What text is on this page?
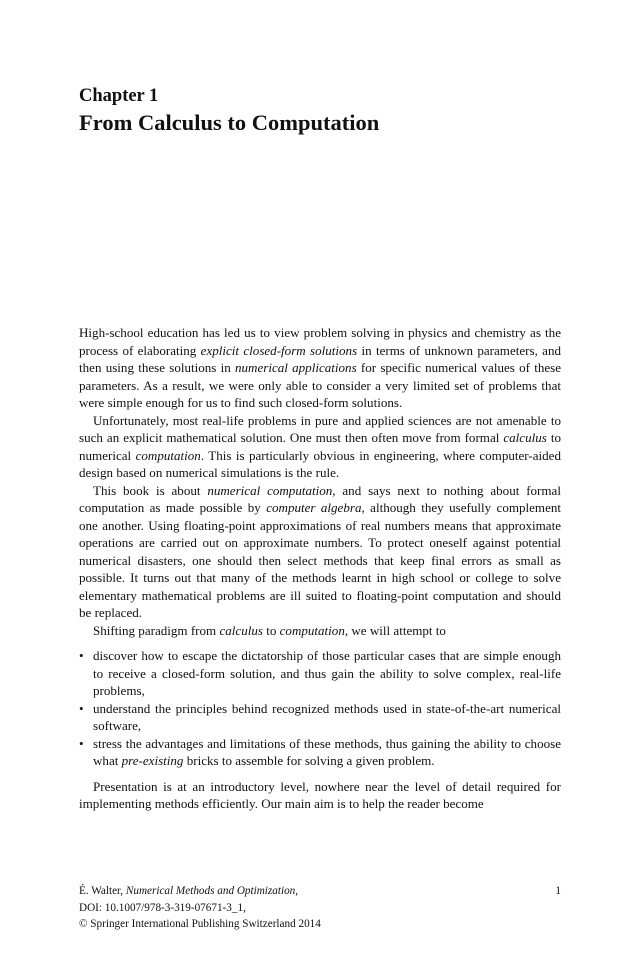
Chapter 1
From Calculus to Computation

High-school education has led us to view problem solving in physics and chemistry as the process of elaborating explicit closed-form solutions in terms of unknown parameters, and then using these solutions in numerical applications for specific numerical values of these parameters. As a result, we were only able to consider a very limited set of problems that were simple enough for us to find such closed-form solutions.

Unfortunately, most real-life problems in pure and applied sciences are not amenable to such an explicit mathematical solution. One must then often move from formal calculus to numerical computation. This is particularly obvious in engineering, where computer-aided design based on numerical simulations is the rule.

This book is about numerical computation, and says next to nothing about formal computation as made possible by computer algebra, although they usefully complement one another. Using floating-point approximations of real numbers means that approximate operations are carried out on approximate numbers. To protect oneself against potential numerical disasters, one should then select methods that keep final errors as small as possible. It turns out that many of the methods learnt in high school or college to solve elementary mathematical problems are ill suited to floating-point computation and should be replaced.

Shifting paradigm from calculus to computation, we will attempt to

• discover how to escape the dictatorship of those particular cases that are simple enough to receive a closed-form solution, and thus gain the ability to solve complex, real-life problems,
• understand the principles behind recognized methods used in state-of-the-art numerical software,
• stress the advantages and limitations of these methods, thus gaining the ability to choose what pre-existing bricks to assemble for solving a given problem.

Presentation is at an introductory level, nowhere near the level of detail required for implementing methods efficiently. Our main aim is to help the reader become

É. Walter, Numerical Methods and Optimization,
DOI: 10.1007/978-3-319-07671-3_1,
© Springer International Publishing Switzerland 2014
1
